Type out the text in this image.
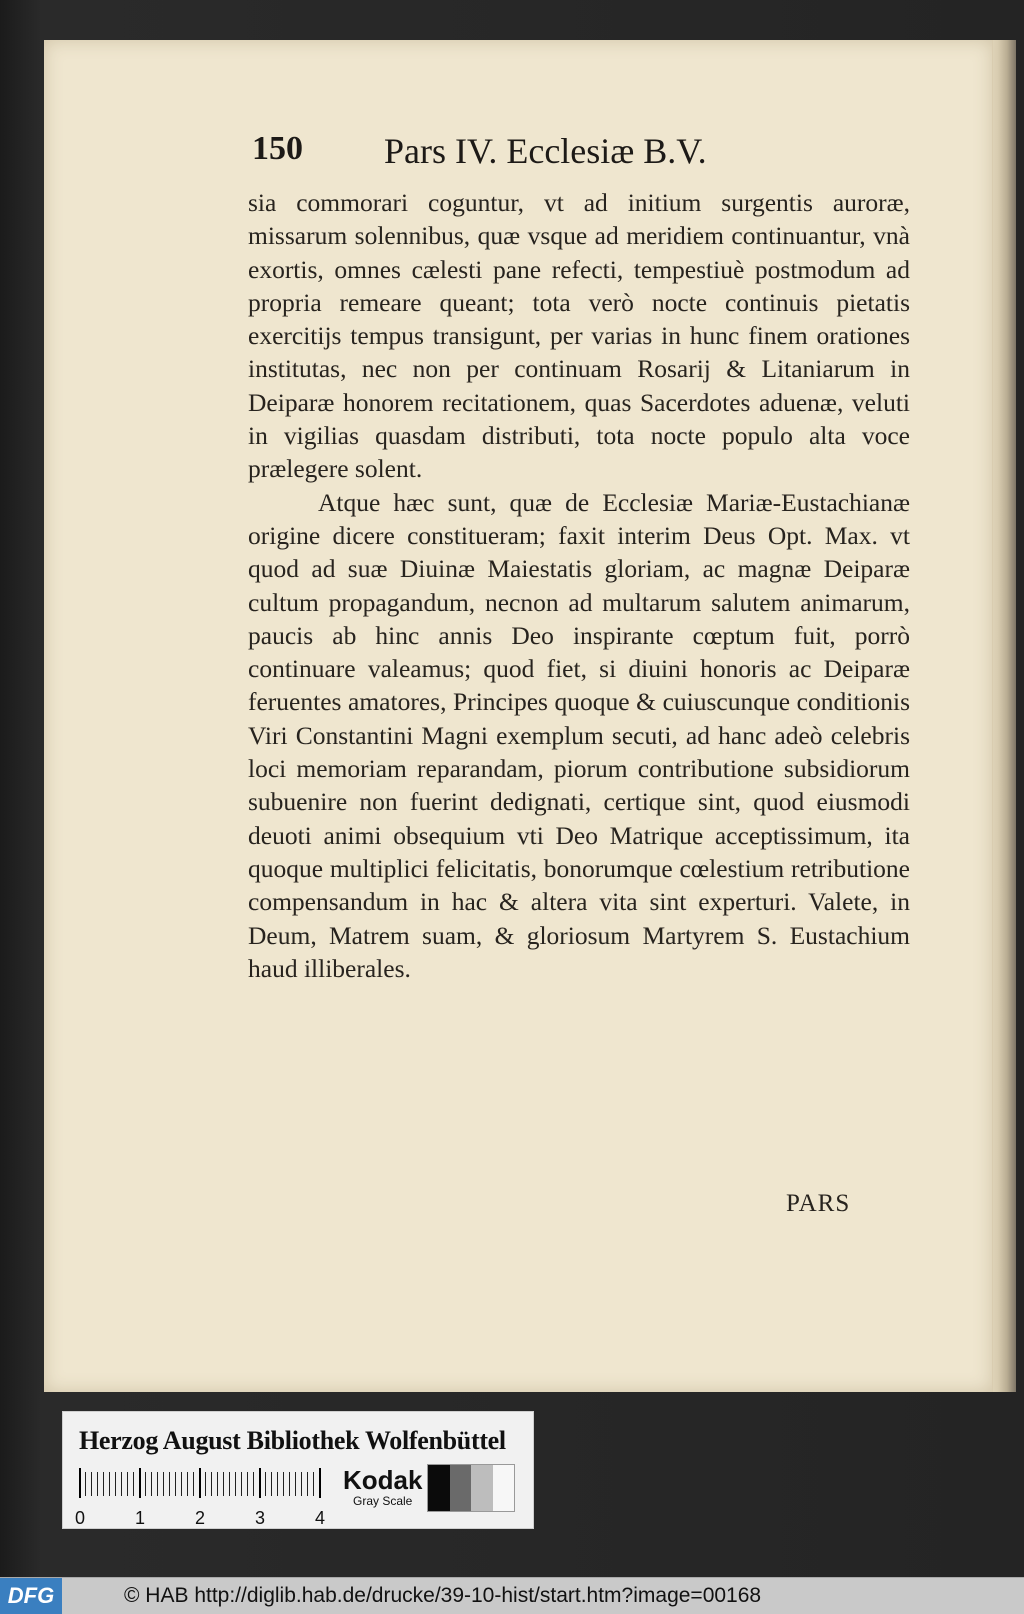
150 Pars IV. Ecclesiæ B.V.

sia commorari coguntur, vt ad initium surgentis auroræ, missarum solennibus, quæ vsque ad meridiem continuantur, vnà exortis, omnes cælesti pane refecti, tempestiuè postmodum ad propria remeare queant; tota verò nocte continuis pietatis exercitijs tempus transigunt, per varias in hunc finem orationes institutas, nec non per continuam Rosarij & Litaniarum in Deiparæ honorem recitationem, quas Sacerdotes aduenæ, veluti in vigilias quasdam distributi, tota nocte populo alta voce prælegere solent.

Atque hæc sunt, quæ de Ecclesiæ Mariæ-Eustachianæ origine dicere constitueram; faxit interim Deus Opt. Max. vt quod ad suæ Diuinæ Maiestatis gloriam, ac magnæ Deiparæ cultum propagandum, necnon ad multarum salutem animarum, paucis ab hinc annis Deo inspirante cœptum fuit, porrò continuare valeamus; quod fiet, si diuini honoris ac Deiparæ feruentes amatores, Principes quoque & cuiuscunque conditionis Viri Constantini Magni exemplum secuti, ad hanc adeò celebris loci memoriam reparandam, piorum contributione subsidiorum subuenire non fuerint dedignati, certique sint, quod eiusmodi deuoti animi obsequium vti Deo Matrique acceptissimum, ita quoque multiplici felicitatis, bonorumque cœlestium retributione compensandum in hac & altera vita sint experturi. Valete, in Deum, Matrem suam, & gloriosum Martyrem S. Eustachium haud illiberales.

PARS
Herzog August Bibliothek Wolfenbüttel
0	1	2	3	4
Kodak
Gray Scale
DFG	© HAB http://diglib.hab.de/drucke/39-10-hist/start.htm?image=00168
